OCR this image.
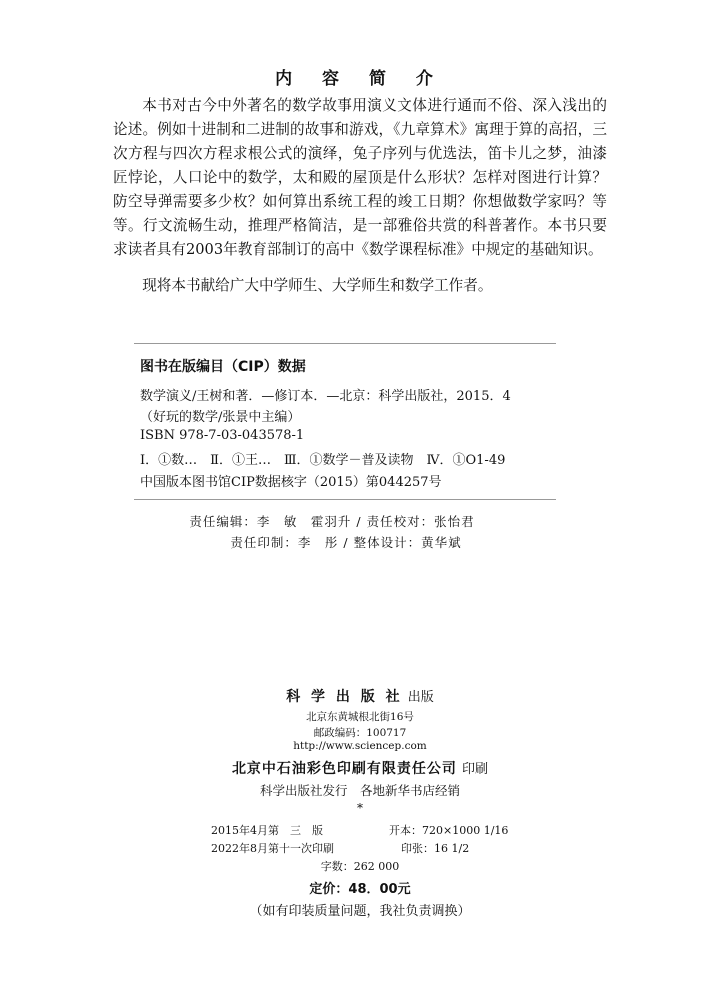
内 容 简 介
本书对古今中外著名的数学故事用演义文体进行通而不俗、深入浅出的论述。例如十进制和二进制的故事和游戏，《九章算术》寓理于算的高招，三次方程与四次方程求根公式的演绎，兔子序列与优选法，笛卡儿之梦，油漆匠悖论，人口论中的数学，太和殿的屋顶是什么形状？怎样对图进行计算？防空导弹需要多少枚？如何算出系统工程的竣工日期？你想做数学家吗？等等。行文流畅生动，推理严格简洁，是一部雅俗共赏的科普著作。本书只要求读者具有2003年教育部制订的高中《数学课程标准》中规定的基础知识。
现将本书献给广大中学师生、大学师生和数学工作者。
图书在版编目（CIP）数据
数学演义/王树和著．—修订本．—北京：科学出版社，2015．4
（好玩的数学/张景中主编）
ISBN 978-7-03-043578-1
Ⅰ．①数…　Ⅱ．①王…　Ⅲ．①数学－普及读物　Ⅳ．①O1-49
中国版本图书馆CIP数据核字（2015）第044257号
责任编辑：李　敏　霍羽升 / 责任校对：张怡君
责任印制：李　彤 / 整体设计：黄华斌
科 学 出 版 社 出版
北京东黄城根北街16号
邮政编码：100717
http://www.sciencep.com
北京中石油彩色印刷有限责任公司 印刷
科学出版社发行　各地新华书店经销
*
2015年4月第　三　版	开本：720×1000 1/16
2022年8月第十一次印刷	印张：16 1/2
字数：262 000
定价：48．00元
（如有印装质量问题，我社负责调换）
